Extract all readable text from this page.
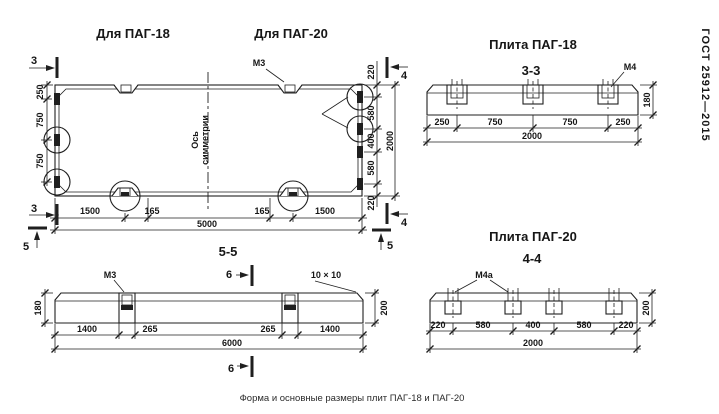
Для ПАГ-18	Для ПАГ-20
М3
Ось симметрии
250
750
750
220
580
400
580
220
2000
1500	165	165	1500
5000
3
3
5
4
4
5
Плита ПАГ-18
3-3	М4
180
250	750	750	250
2000
5-5
6	10 × 10
М3
180	200
1400	265	265	1400
6000
6
Плита ПАГ-20
4-4
М4а
200
220	580	400	580	220
2000
ГОСТ 25912—2015
Форма и основные размеры плит ПАГ-18 и ПАГ-20
